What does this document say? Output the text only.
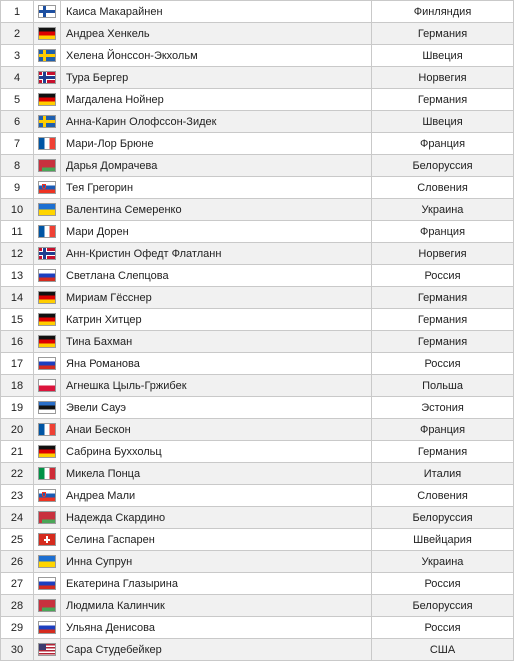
1		Каиса Макарайнен	Финляндия
2		Андреа Хенкель	Германия
3		Хелена Йонссон-Экхольм	Швеция
4		Тура Бергер	Норвегия
5		Магдалена Нойнер	Германия
6		Анна-Карин Олофссон-Зидек	Швеция
7		Мари-Лор Брюне	Франция
8		Дарья Домрачева	Белоруссия
9		Тея Грегорин	Словения
10		Валентина Семеренко	Украина
11		Мари Дорен	Франция
12		Анн-Кристин Офедт Флатланн	Норвегия
13		Светлана Слепцова	Россия
14		Мириам Гёсснер	Германия
15		Катрин Хитцер	Германия
16		Тина Бахман	Германия
17		Яна Романова	Россия
18		Агнешка Цыль-Гржибек	Польша
19		Эвели Сауэ	Эстония
20		Анаи Бескон	Франция
21		Сабрина Буххольц	Германия
22		Микела Понца	Италия
23		Андреа Мали	Словения
24		Надежда Скардино	Белоруссия
25		Селина Гаспарен	Швейцария
26		Инна Супрун	Украина
27		Екатерина Глазырина	Россия
28		Людмила Калинчик	Белоруссия
29		Ульяна Денисова	Россия
30		Сара Студебейкер	США
